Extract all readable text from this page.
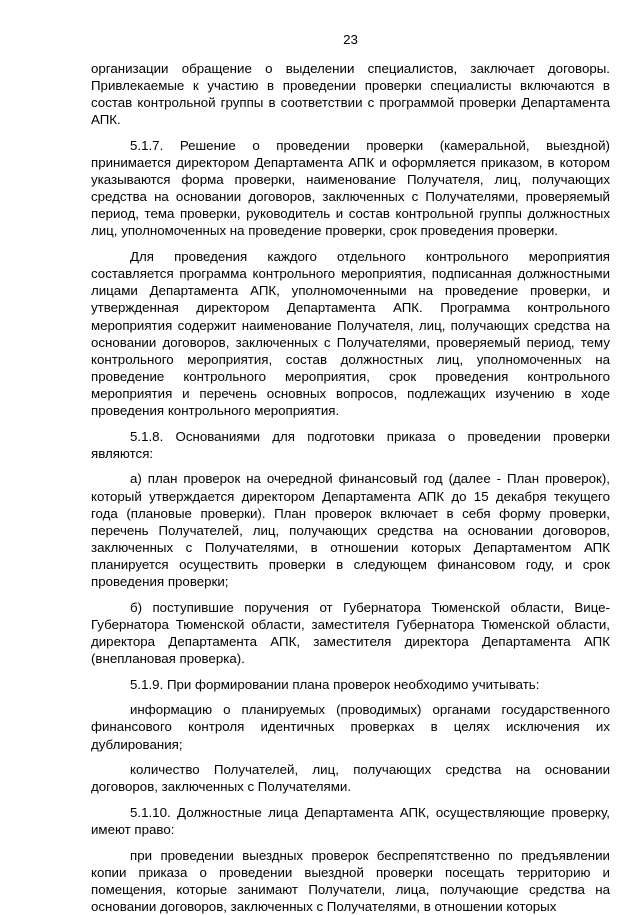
23

организации обращение о выделении специалистов, заключает договоры. Привлекаемые к участию в проведении проверки специалисты включаются в состав контрольной группы в соответствии с программой проверки Департамента АПК.

5.1.7. Решение о проведении проверки (камеральной, выездной) принимается директором Департамента АПК и оформляется приказом, в котором указываются форма проверки, наименование Получателя, лиц, получающих средства на основании договоров, заключенных с Получателями, проверяемый период, тема проверки, руководитель и состав контрольной группы должностных лиц, уполномоченных на проведение проверки, срок проведения проверки.

Для проведения каждого отдельного контрольного мероприятия составляется программа контрольного мероприятия, подписанная должностными лицами Департамента АПК, уполномоченными на проведение проверки, и утвержденная директором Департамента АПК. Программа контрольного мероприятия содержит наименование Получателя, лиц, получающих средства на основании договоров, заключенных с Получателями, проверяемый период, тему контрольного мероприятия, состав должностных лиц, уполномоченных на проведение контрольного мероприятия, срок проведения контрольного мероприятия и перечень основных вопросов, подлежащих изучению в ходе проведения контрольного мероприятия.

5.1.8. Основаниями для подготовки приказа о проведении проверки являются:

а) план проверок на очередной финансовый год (далее - План проверок), который утверждается директором Департамента АПК до 15 декабря текущего года (плановые проверки). План проверок включает в себя форму проверки, перечень Получателей, лиц, получающих средства на основании договоров, заключенных с Получателями, в отношении которых Департаментом АПК планируется осуществить проверки в следующем финансовом году, и срок проведения проверки;

б) поступившие поручения от Губернатора Тюменской области, Вице-Губернатора Тюменской области, заместителя Губернатора Тюменской области, директора Департамента АПК, заместителя директора Департамента АПК (внеплановая проверка).

5.1.9. При формировании плана проверок необходимо учитывать:

информацию о планируемых (проводимых) органами государственного финансового контроля идентичных проверках в целях исключения их дублирования;

количество Получателей, лиц, получающих средства на основании договоров, заключенных с Получателями.

5.1.10. Должностные лица Департамента АПК, осуществляющие проверку, имеют право:

при проведении выездных проверок беспрепятственно по предъявлении копии приказа о проведении выездной проверки посещать территорию и помещения, которые занимают Получатели, лица, получающие средства на основании договоров, заключенных с Получателями, в отношении которых
